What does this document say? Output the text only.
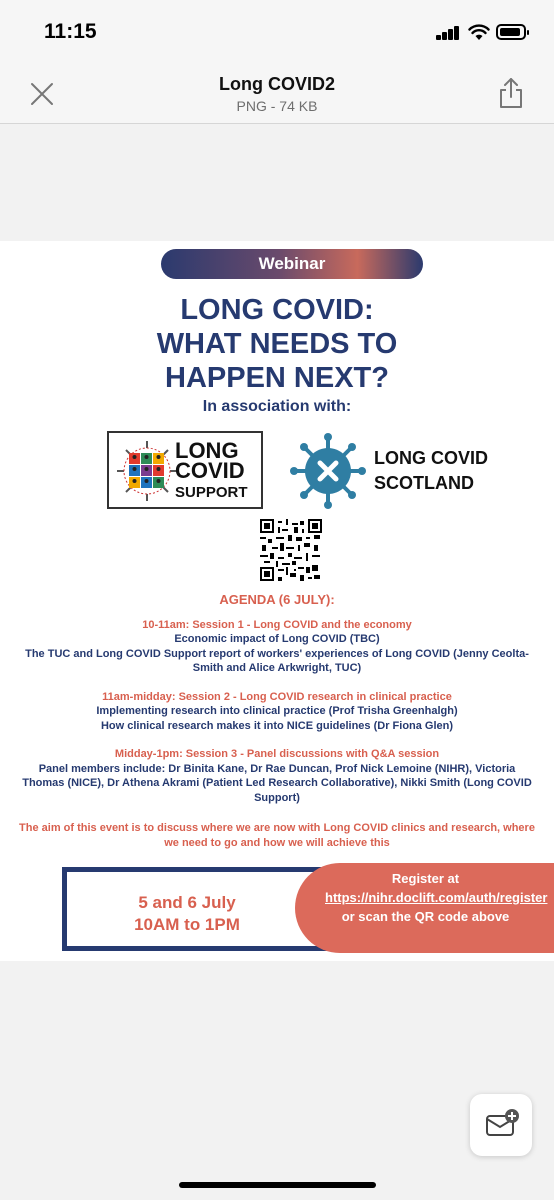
11:15
Long COVID2
PNG - 74 KB
Webinar
LONG COVID:
WHAT NEEDS TO
HAPPEN NEXT?
In association with:
LONG
COVID
SUPPORT
LONG COVID
SCOTLAND
AGENDA (6 JULY):
10-11am: Session 1 - Long COVID and the economy
Economic impact of Long COVID (TBC)
The TUC and Long COVID Support report of workers' experiences of Long COVID (Jenny Ceolta-Smith and Alice Arkwright, TUC)
11am-midday: Session 2 - Long COVID research in clinical practice
Implementing research into clinical practice (Prof Trisha Greenhalgh)
How clinical research makes it into NICE guidelines (Dr Fiona Glen)
Midday-1pm: Session 3 - Panel discussions with Q&A session
Panel members include: Dr Binita Kane, Dr Rae Duncan, Prof Nick Lemoine (NIHR), Victoria Thomas (NICE), Dr Athena Akrami (Patient Led Research Collaborative), Nikki Smith (Long COVID Support)
The aim of this event is to discuss where we are now with Long COVID clinics and research, where we need to go and how we will achieve this
5 and 6 July
10AM to 1PM
Register at
https://nihr.doclift.com/auth/register or scan the QR code above
